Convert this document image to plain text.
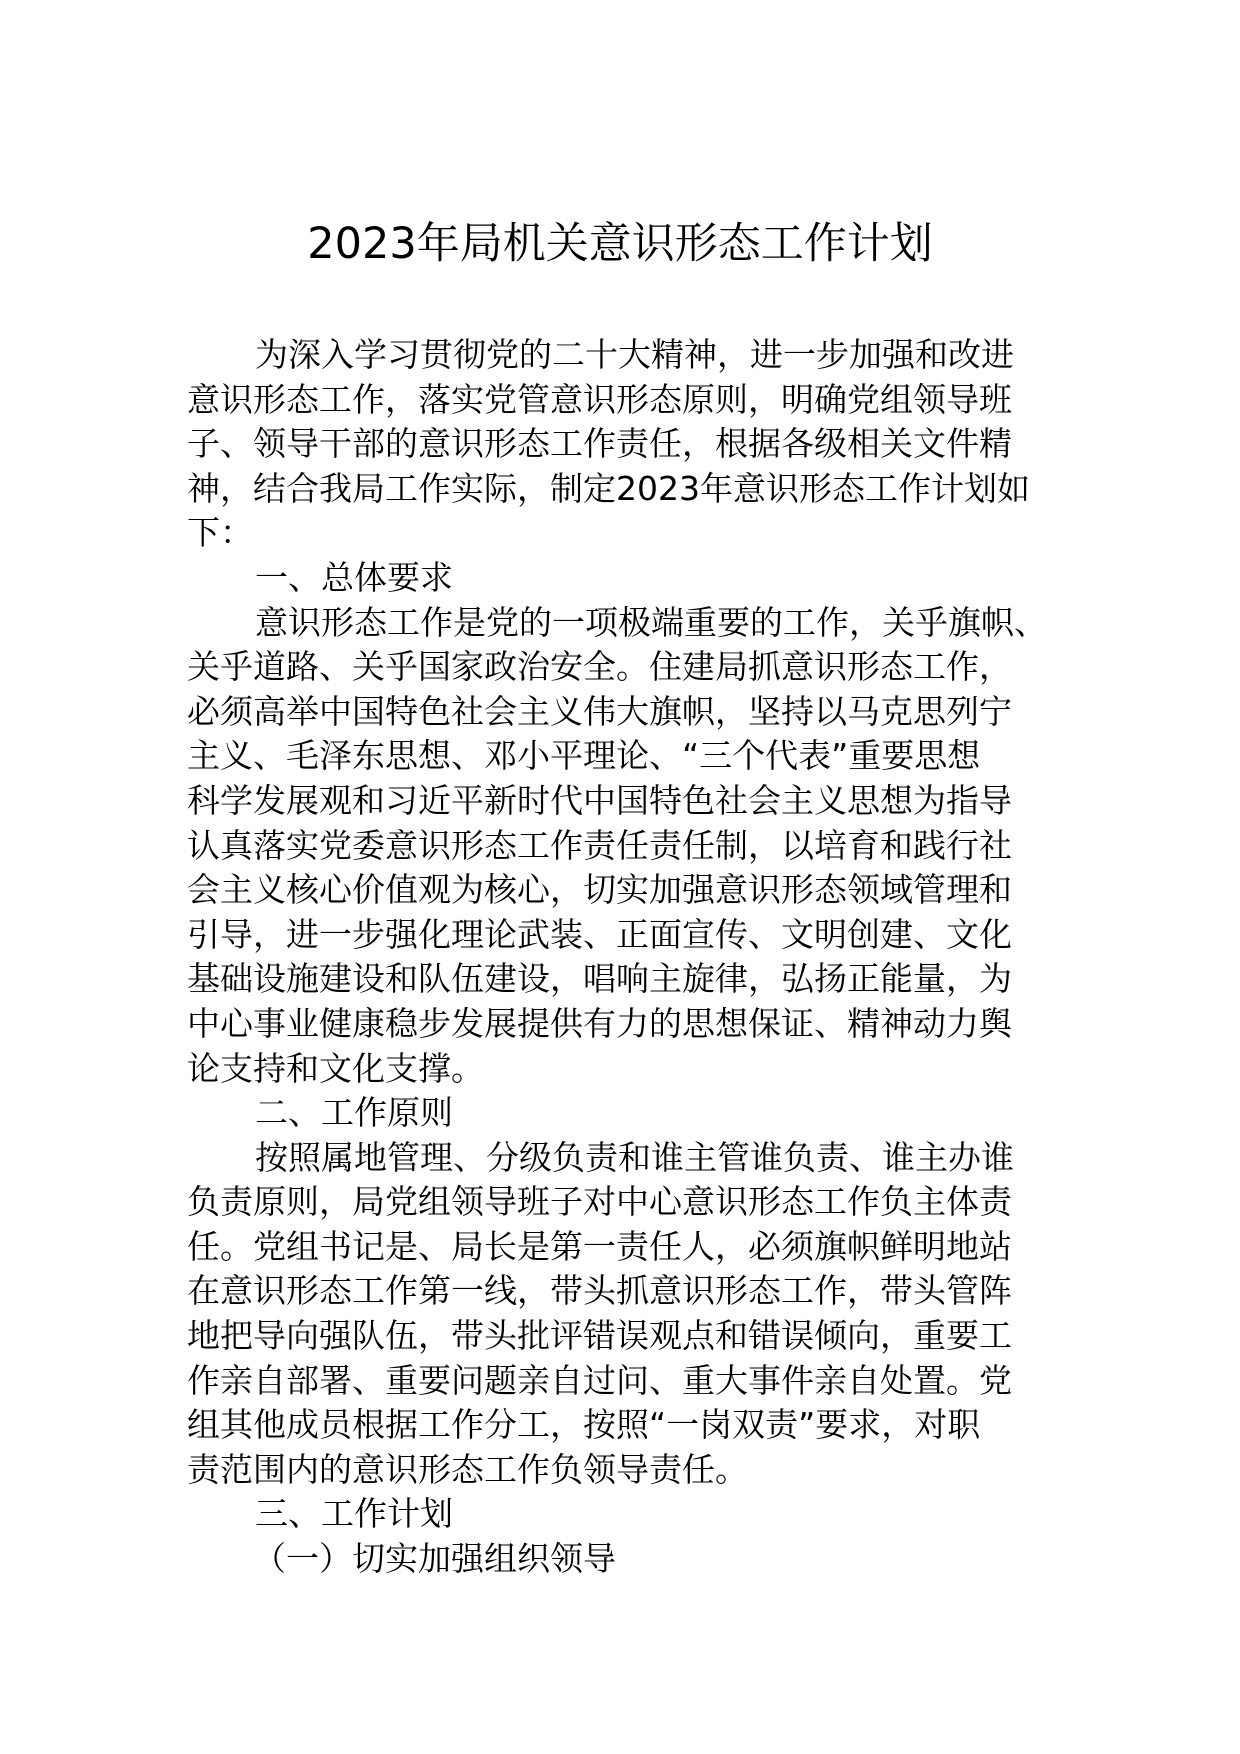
2023年局机关意识形态工作计划
为深入学习贯彻党的二十大精神，进一步加强和改进
意识形态工作，落实党管意识形态原则，明确党组领导班
子、领导干部的意识形态工作责任，根据各级相关文件精
神，结合我局工作实际，制定2023年意识形态工作计划如
下：
一、总体要求
意识形态工作是党的一项极端重要的工作，关乎旗帜、
关乎道路、关乎国家政治安全。住建局抓意识形态工作，
必须高举中国特色社会主义伟大旗帜，坚持以马克思列宁
主义、毛泽东思想、邓小平理论、“三个代表”重要思想
科学发展观和习近平新时代中国特色社会主义思想为指导
认真落实党委意识形态工作责任责任制，以培育和践行社
会主义核心价值观为核心，切实加强意识形态领域管理和
引导，进一步强化理论武装、正面宣传、文明创建、文化
基础设施建设和队伍建设，唱响主旋律，弘扬正能量，为
中心事业健康稳步发展提供有力的思想保证、精神动力舆
论支持和文化支撑。
二、工作原则
按照属地管理、分级负责和谁主管谁负责、谁主办谁
负责原则，局党组领导班子对中心意识形态工作负主体责
任。党组书记是、局长是第一责任人，必须旗帜鲜明地站
在意识形态工作第一线，带头抓意识形态工作，带头管阵
地把导向强队伍，带头批评错误观点和错误倾向，重要工
作亲自部署、重要问题亲自过问、重大事件亲自处置。党
组其他成员根据工作分工，按照“一岗双责”要求，对职
责范围内的意识形态工作负领导责任。
三、工作计划
（一）切实加强组织领导
